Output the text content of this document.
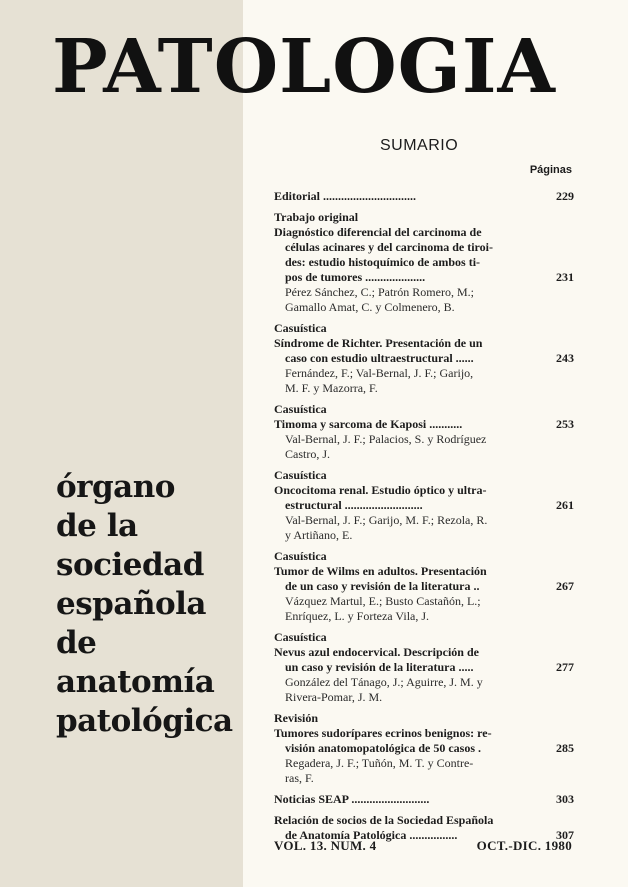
PATOLOGIA
SUMARIO
Páginas
órgano
de la
sociedad
española
de
anatomía
patológica
Editorial ...............................	229
Trabajo original
Diagnóstico diferencial del carcinoma de
células acinares y del carcinoma de tiroi-
des: estudio histoquímico de ambos ti-
pos de tumores ....................	231
Pérez Sánchez, C.; Patrón Romero, M.;
Gamallo Amat, C. y Colmenero, B.
Casuística
Síndrome de Richter. Presentación de un
caso con estudio ultraestructural ......	243
Fernández, F.; Val-Bernal, J. F.; Garijo,
M. F. y Mazorra, F.
Casuística
Timoma y sarcoma de Kaposi ...........	253
Val-Bernal, J. F.; Palacios, S. y Rodríguez
Castro, J.
Casuística
Oncocitoma renal. Estudio óptico y ultra-
estructural ..........................	261
Val-Bernal, J. F.; Garijo, M. F.; Rezola, R.
y Artiñano, E.
Casuística
Tumor de Wilms en adultos. Presentación
de un caso y revisión de la literatura ..	267
Vázquez Martul, E.; Busto Castañón, L.;
Enríquez, L. y Forteza Vila, J.
Casuística
Nevus azul endocervical. Descripción de
un caso y revisión de la literatura .....	277
González del Tánago, J.; Aguirre, J. M. y
Rivera-Pomar, J. M.
Revisión
Tumores sudorípares ecrinos benignos: re-
visión anatomopatológica de 50 casos .	285
Regadera, J. F.; Tuñón, M. T. y Contre-
ras, F.
Noticias SEAP ..........................	303
Relación de socios de la Sociedad Española
de Anatomía Patológica ................	307
VOL. 13. NUM. 4	OCT.-DIC. 1980
